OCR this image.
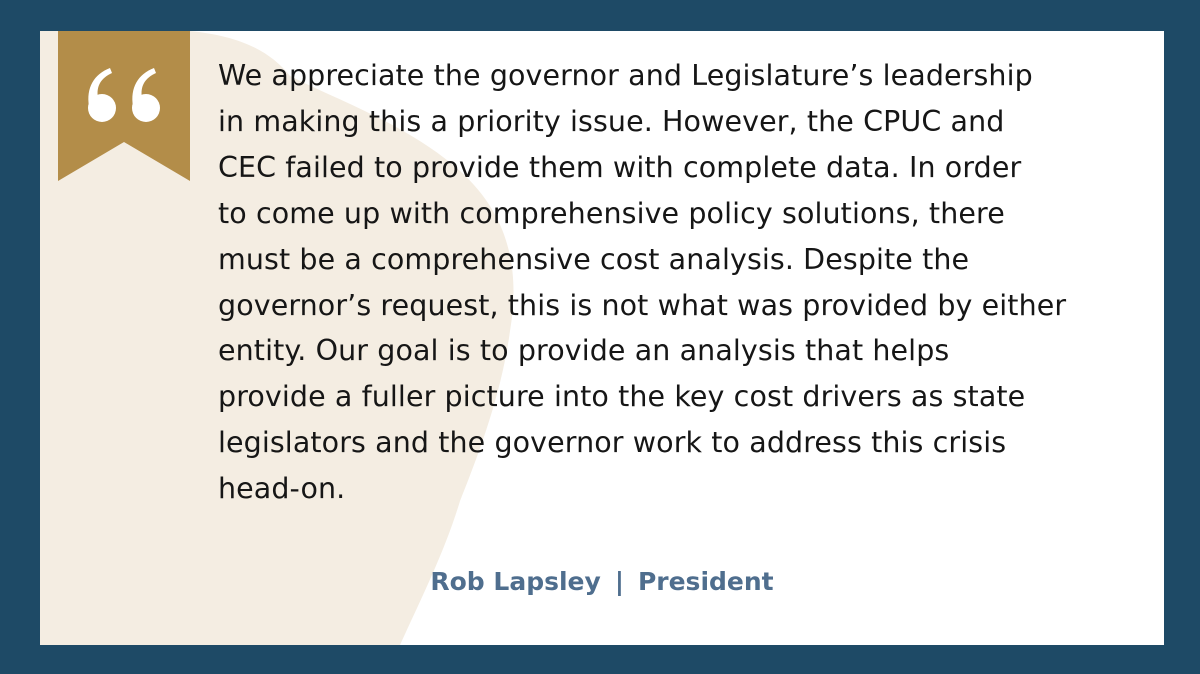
We appreciate the governor and Legislature’s leadership
in making this a priority issue. However, the CPUC and
CEC failed to provide them with complete data. In order
to come up with comprehensive policy solutions, there
must be a comprehensive cost analysis. Despite the
governor’s request, this is not what was provided by either
entity. Our goal is to provide an analysis that helps
provide a fuller picture into the key cost drivers as state
legislators and the governor work to address this crisis
head-on.

Rob Lapsley | President
